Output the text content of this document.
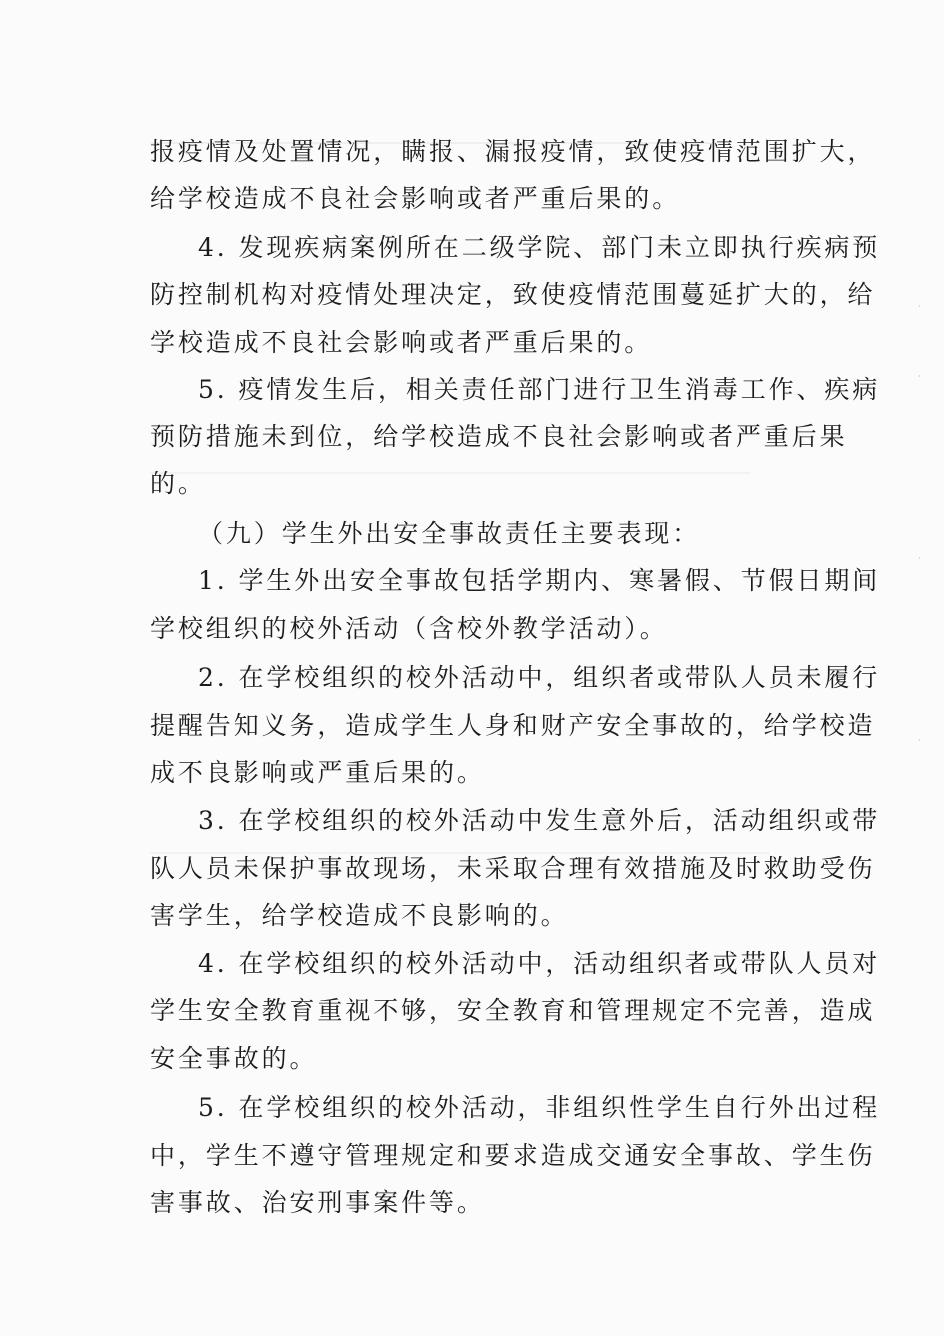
报疫情及处置情况，瞒报、漏报疫情，致使疫情范围扩大，
给学校造成不良社会影响或者严重后果的。
4. 发现疾病案例所在二级学院、部门未立即执行疾病预
防控制机构对疫情处理决定，致使疫情范围蔓延扩大的，给
学校造成不良社会影响或者严重后果的。
5. 疫情发生后，相关责任部门进行卫生消毒工作、疾病
预防措施未到位，给学校造成不良社会影响或者严重后果
的。
（九）学生外出安全事故责任主要表现：
1. 学生外出安全事故包括学期内、寒暑假、节假日期间
学校组织的校外活动（含校外教学活动）。
2. 在学校组织的校外活动中，组织者或带队人员未履行
提醒告知义务，造成学生人身和财产安全事故的，给学校造
成不良影响或严重后果的。
3. 在学校组织的校外活动中发生意外后，活动组织或带
队人员未保护事故现场，未采取合理有效措施及时救助受伤
害学生，给学校造成不良影响的。
4. 在学校组织的校外活动中，活动组织者或带队人员对
学生安全教育重视不够，安全教育和管理规定不完善，造成
安全事故的。
5. 在学校组织的校外活动，非组织性学生自行外出过程
中，学生不遵守管理规定和要求造成交通安全事故、学生伤
害事故、治安刑事案件等。
·

·

·

·
